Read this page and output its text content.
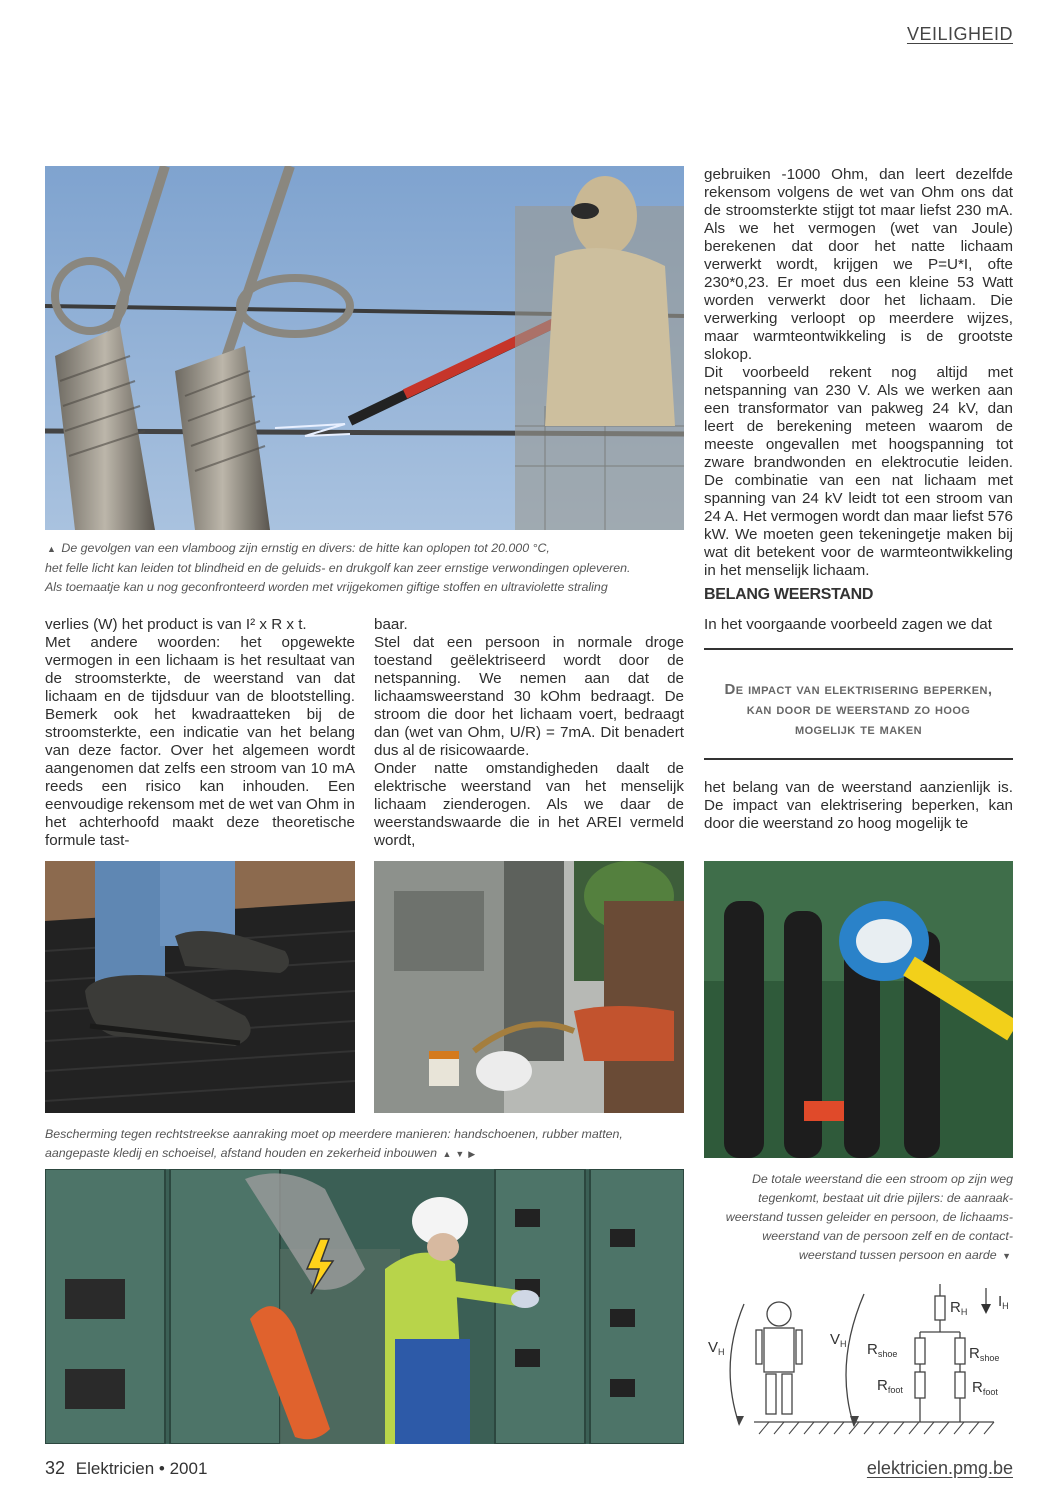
VEILIGHEID
▲ De gevolgen van een vlamboog zijn ernstig en divers: de hitte kan oplopen tot 20.000 °C,
het felle licht kan leiden tot blindheid en de geluids- en drukgolf kan zeer ernstige verwondingen opleveren.
Als toemaatje kan u nog geconfronteerd worden met vrijgekomen giftige stoffen en ultraviolette straling

verlies (W) het product is van I² x R x t.

Met andere woorden: het opgewekte vermogen in een lichaam is het resultaat van de stroomsterkte, de weerstand van dat lichaam en de tijdsduur van de blootstelling. Bemerk ook het kwadraatteken bij de stroomsterkte, een indicatie van het belang van deze factor. Over het algemeen wordt aangenomen dat zelfs een stroom van 10 mA reeds een risico kan inhouden. Een eenvoudige rekensom met de wet van Ohm in het achterhoofd maakt deze theoretische formule tast-

baar.

Stel dat een persoon in normale droge toestand geëlektriseerd wordt door de netspanning. We nemen aan dat de lichaamsweerstand 30 kOhm bedraagt. De stroom die door het lichaam voert, bedraagt dan (wet van Ohm, U/R) = 7mA. Dit benadert dus al de risicowaarde.

Onder natte omstandigheden daalt de elektrische weerstand van het menselijk lichaam zienderogen. Als we daar de weerstandswaarde die in het AREI vermeld wordt,

gebruiken -1000 Ohm, dan leert dezelfde rekensom volgens de wet van Ohm ons dat de stroomsterkte stijgt tot maar liefst 230 mA. Als we het vermogen (wet van Joule) berekenen dat door het natte lichaam verwerkt wordt, krijgen we P=U*I, ofte 230*0,23. Er moet dus een kleine 53 Watt worden verwerkt door het lichaam. Die verwerking verloopt op meerdere wijzes, maar warmteontwikkeling is de grootste slokop.

Dit voorbeeld rekent nog altijd met netspanning van 230 V. Als we werken aan een transformator van pakweg 24 kV, dan leert de berekening meteen waarom de meeste ongevallen met hoogspanning tot zware brandwonden en elektrocutie leiden. De combinatie van een nat lichaam met spanning van 24 kV leidt tot een stroom van 24 A. Het vermogen wordt dan maar liefst 576 kW. We moeten geen tekeningetje maken bij wat dit betekent voor de warmteontwikkeling in het menselijk lichaam.

BELANG WEERSTAND

In het voorgaande voorbeeld zagen we dat

De impact van elektrisering beperken,
kan door de weerstand zo hoog
mogelijk te maken

het belang van de weerstand aanzienlijk is. De impact van elektrisering beperken, kan door die weerstand zo hoog mogelijk te

Bescherming tegen rechtstreekse aanraking moet op meerdere manieren: handschoenen, rubber matten,
aangepaste kledij en schoeisel, afstand houden en zekerheid inbouwen ▲ ▼ ▶
De totale weerstand die een stroom op zijn weg
tegenkomt, bestaat uit drie pijlers: de aanraak-
weerstand tussen geleider en persoon, de lichaams-
weerstand van de persoon zelf en de contact-
weerstand tussen persoon en aarde ▼
$V_H$
$V_H$
$R_H$
$I_H$
$R_{shoe}$	$R_{shoe}$
$R_{foot}$	$R_{foot}$
32 Elektricien • 2001	elektricien.pmg.be
